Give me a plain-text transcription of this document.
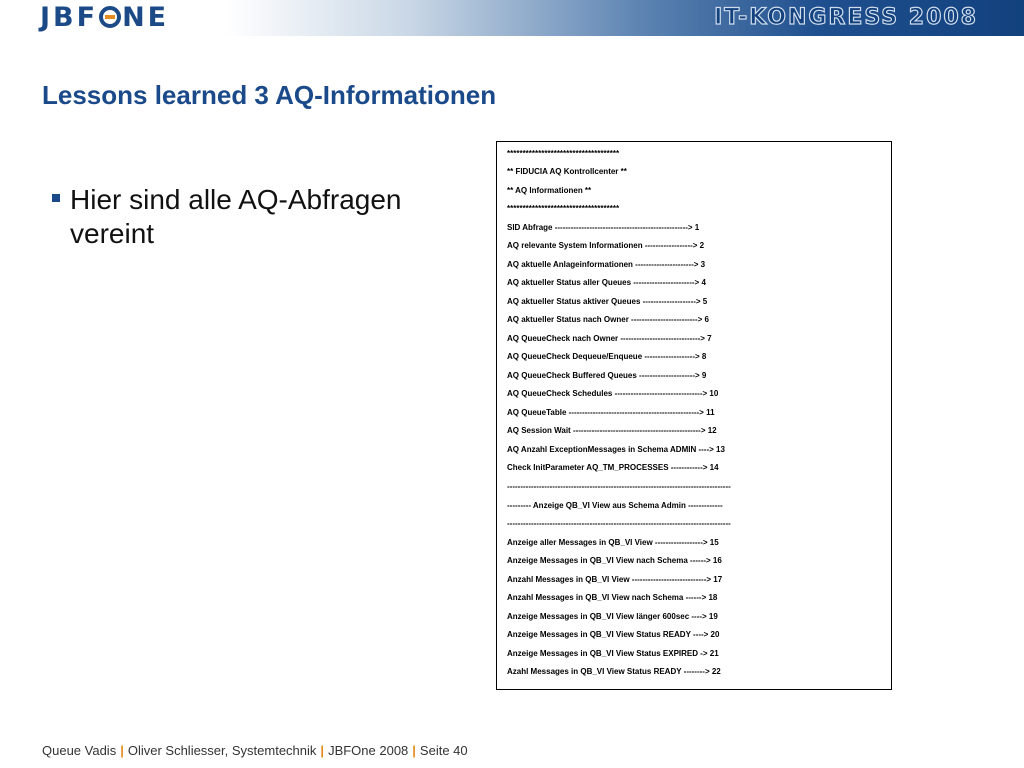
JBF NE	IT-KONGRESS 2008
Lessons learned 3 AQ-Informationen
Hier sind alle AQ-Abfragen vereint
************************************
** FIDUCIA AQ Kontrollcenter **
** AQ Informationen **
************************************
SID Abfrage --------------------------------------------------> 1
AQ relevante System Informationen ------------------> 2
AQ aktuelle Anlageinformationen ----------------------> 3
AQ aktueller Status aller Queues -----------------------> 4
AQ aktueller Status aktiver Queues --------------------> 5
AQ aktueller Status nach Owner -------------------------> 6
AQ QueueCheck nach Owner ------------------------------> 7
AQ QueueCheck Dequeue/Enqueue -------------------> 8
AQ QueueCheck Buffered Queues ---------------------> 9
AQ QueueCheck Schedules ---------------------------------> 10
AQ QueueTable -------------------------------------------------> 11
AQ Session Wait ------------------------------------------------> 12
AQ Anzahl ExceptionMessages in Schema ADMIN ----> 13
Check InitParameter AQ_TM_PROCESSES ------------> 14
------------------------------------------------------------------------------------
--------- Anzeige QB_VI View aus Schema Admin -------------
------------------------------------------------------------------------------------
Anzeige aller Messages in QB_VI View ------------------> 15
Anzeige Messages in QB_VI View nach Schema ------> 16
Anzahl Messages in QB_VI View ----------------------------> 17
Anzahl Messages in QB_VI View nach Schema ------> 18
Anzeige Messages in QB_VI View länger 600sec ----> 19
Anzeige Messages in QB_VI View Status READY ----> 20
Anzeige Messages in QB_VI View Status EXPIRED -> 21
Azahl Messages in QB_VI View Status READY --------> 22
Queue Vadis | Oliver Schliesser, Systemtechnik | JBFOne 2008 | Seite 40
